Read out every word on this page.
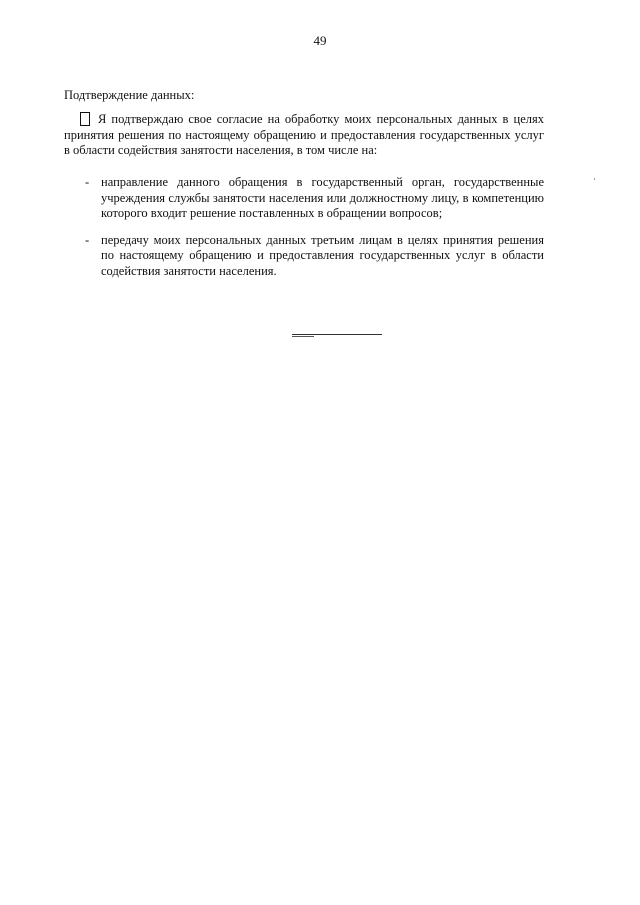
49
Подтверждение данных:
Я подтверждаю свое согласие на обработку моих персональных данных в целях принятия решения по настоящему обращению и предоставления государственных услуг в области содействия занятости населения, в том числе на:
- направление данного обращения в государственный орган, государственные учреждения службы занятости населения или должностному лицу, в компетенцию которого входит решение поставленных в обращении вопросов;
- передачу моих персональных данных третьим лицам в целях принятия решения по настоящему обращению и предоставления государственных услуг в области содействия занятости населения.
